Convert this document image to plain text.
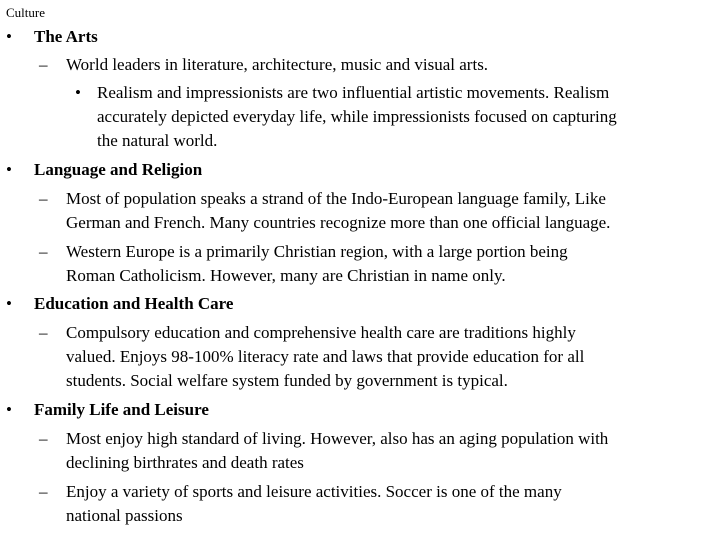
Culture
• The Arts
– World leaders in literature, architecture, music and visual arts.
• Realism and impressionists are two influential artistic movements. Realism
accurately depicted everyday life, while impressionists focused on capturing
the natural world.
• Language and Religion
– Most of population speaks a strand of the Indo-European language family, Like
German and French. Many countries recognize more than one official language.
– Western Europe is a primarily Christian region, with a large portion being
Roman Catholicism. However, many are Christian in name only.
• Education and Health Care
– Compulsory education and comprehensive health care are traditions highly
valued. Enjoys 98-100% literacy rate and laws that provide education for all
students. Social welfare system funded by government is typical.
• Family Life and Leisure
– Most enjoy high standard of living. However, also has an aging population with
declining birthrates and death rates
– Enjoy a variety of sports and leisure activities. Soccer is one of the many
national passions
